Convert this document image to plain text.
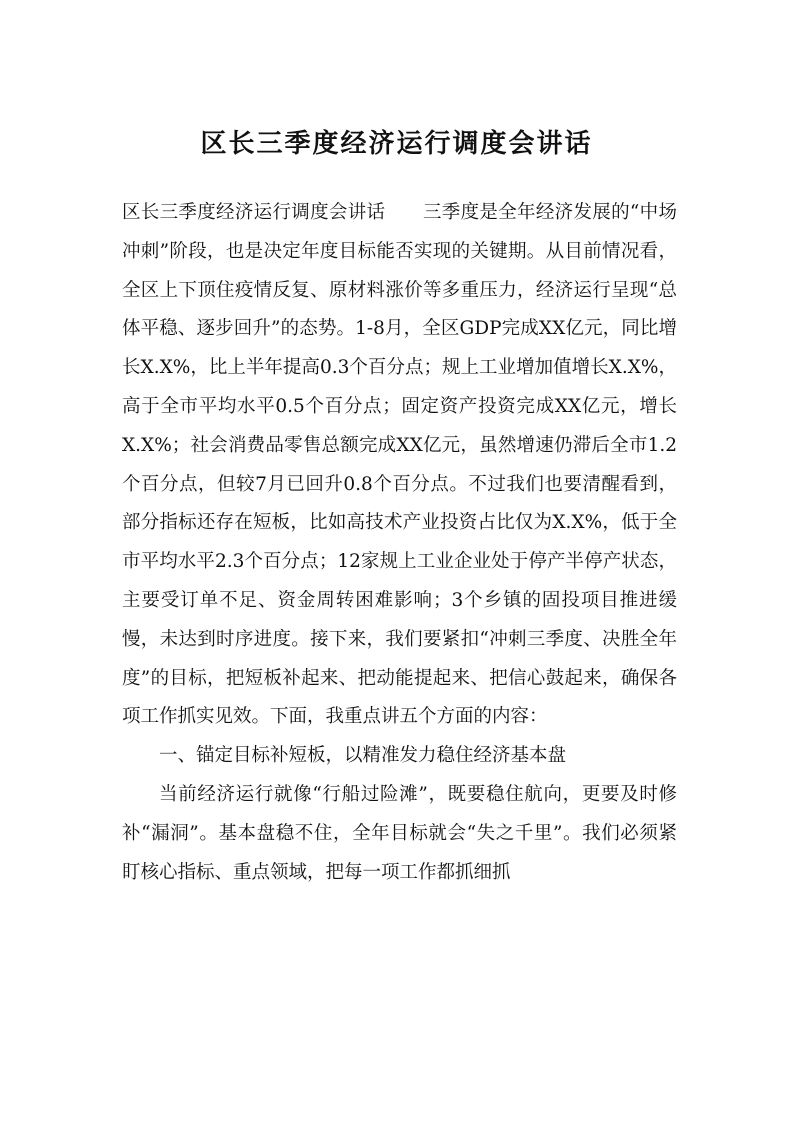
区长三季度经济运行调度会讲话

区长三季度经济运行调度会讲话　　三季度是全年经济发展的“中场冲刺”阶段，也是决定年度目标能否实现的关键期。从目前情况看，全区上下顶住疫情反复、原材料涨价等多重压力，经济运行呈现“总体平稳、逐步回升”的态势。1-8月，全区GDP完成XX亿元，同比增长X.X%，比上半年提高0.3个百分点；规上工业增加值增长X.X%，高于全市平均水平0.5个百分点；固定资产投资完成XX亿元，增长X.X%；社会消费品零售总额完成XX亿元，虽然增速仍滞后全市1.2个百分点，但较7月已回升0.8个百分点。不过我们也要清醒看到，部分指标还存在短板，比如高技术产业投资占比仅为X.X%，低于全市平均水平2.3个百分点；12家规上工业企业处于停产半停产状态，主要受订单不足、资金周转困难影响；3个乡镇的固投项目推进缓慢，未达到时序进度。接下来，我们要紧扣“冲刺三季度、决胜全年度”的目标，把短板补起来、把动能提起来、把信心鼓起来，确保各项工作抓实见效。下面，我重点讲五个方面的内容：

一、锚定目标补短板，以精准发力稳住经济基本盘

当前经济运行就像“行船过险滩”，既要稳住航向，更要及时修补“漏洞”。基本盘稳不住，全年目标就会“失之千里”。我们必须紧盯核心指标、重点领域，把每一项工作都抓细抓
